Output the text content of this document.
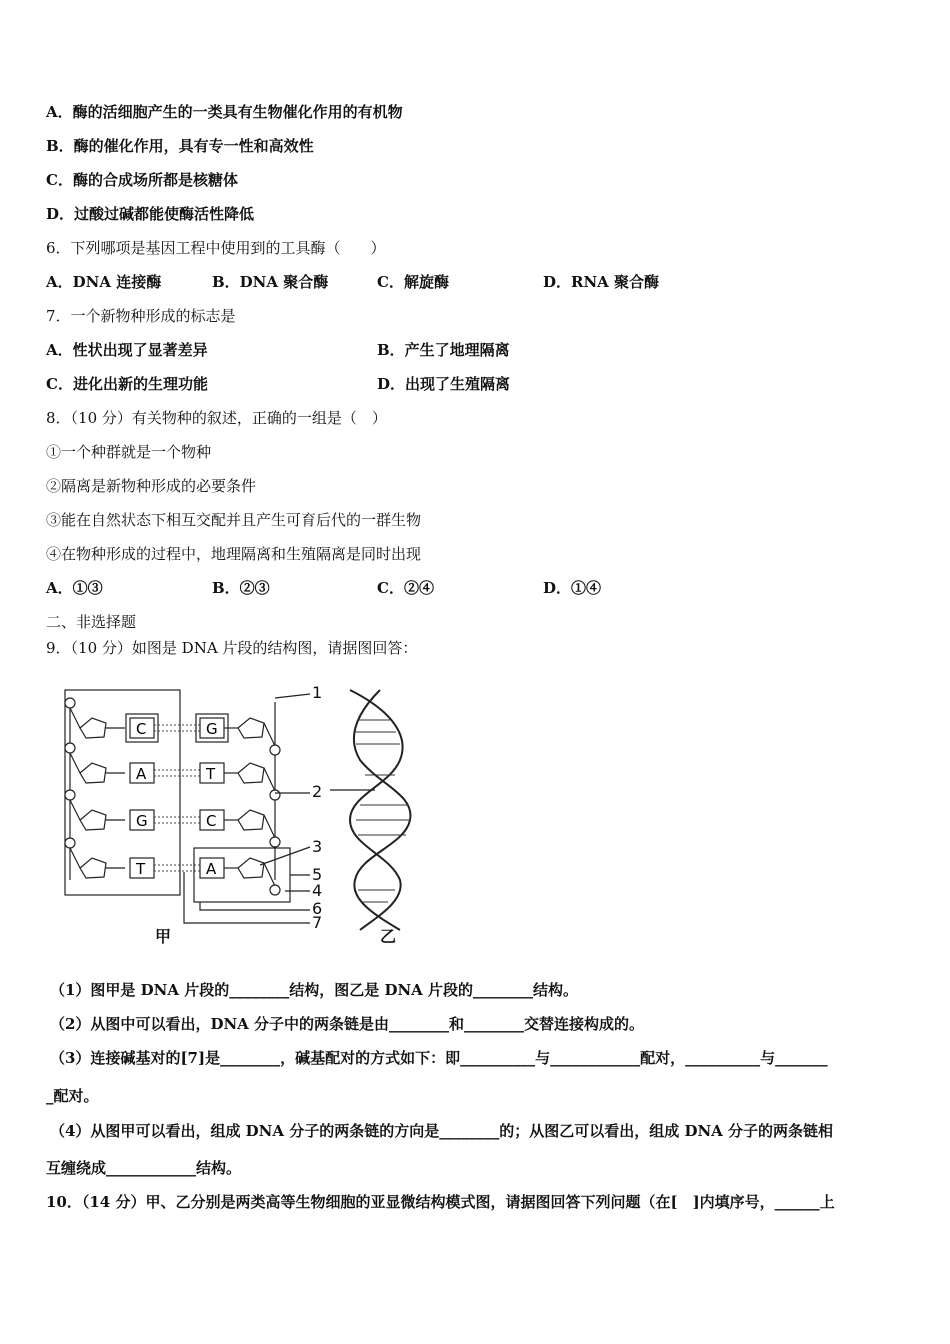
A．酶的活细胞产生的一类具有生物催化作用的有机物
B．酶的催化作用，具有专一性和高效性
C．酶的合成场所都是核糖体
D．过酸过碱都能使酶活性降低
6．下列哪项是基因工程中使用到的工具酶（　　）
A．DNA 连接酶	B．DNA 聚合酶	C．解旋酶	D．RNA 聚合酶
7．一个新物种形成的标志是
A．性状出现了显著差异	B．产生了地理隔离
C．进化出新的生理功能	D．出现了生殖隔离
8．（10 分）有关物种的叙述，正确的一组是（　）
①一个种群就是一个物种
②隔离是新物种形成的必要条件
③能在自然状态下相互交配并且产生可育后代的一群生物
④在物种形成的过程中，地理隔离和生殖隔离是同时出现
A．①③	B．②③	C．②④	D．①④
二、非选择题
9．（10 分）如图是 DNA 片段的结构图，请据图回答：
C	G
A	T
G	C
T	A
1
2
3
5
4
6
7
甲	乙
（1）图甲是 DNA 片段的________结构，图乙是 DNA 片段的________结构。
（2）从图中可以看出，DNA 分子中的两条链是由________和________交替连接构成的。
（3）连接碱基对的[7]是________，碱基配对的方式如下：即__________与____________配对，__________与_______
_配对。
（4）从图甲可以看出，组成 DNA 分子的两条链的方向是________的；从图乙可以看出，组成 DNA 分子的两条链相
互缠绕成____________结构。
10．（14 分）甲、乙分别是两类高等生物细胞的亚显微结构模式图，请据图回答下列问题（在[　]内填序号，______上
